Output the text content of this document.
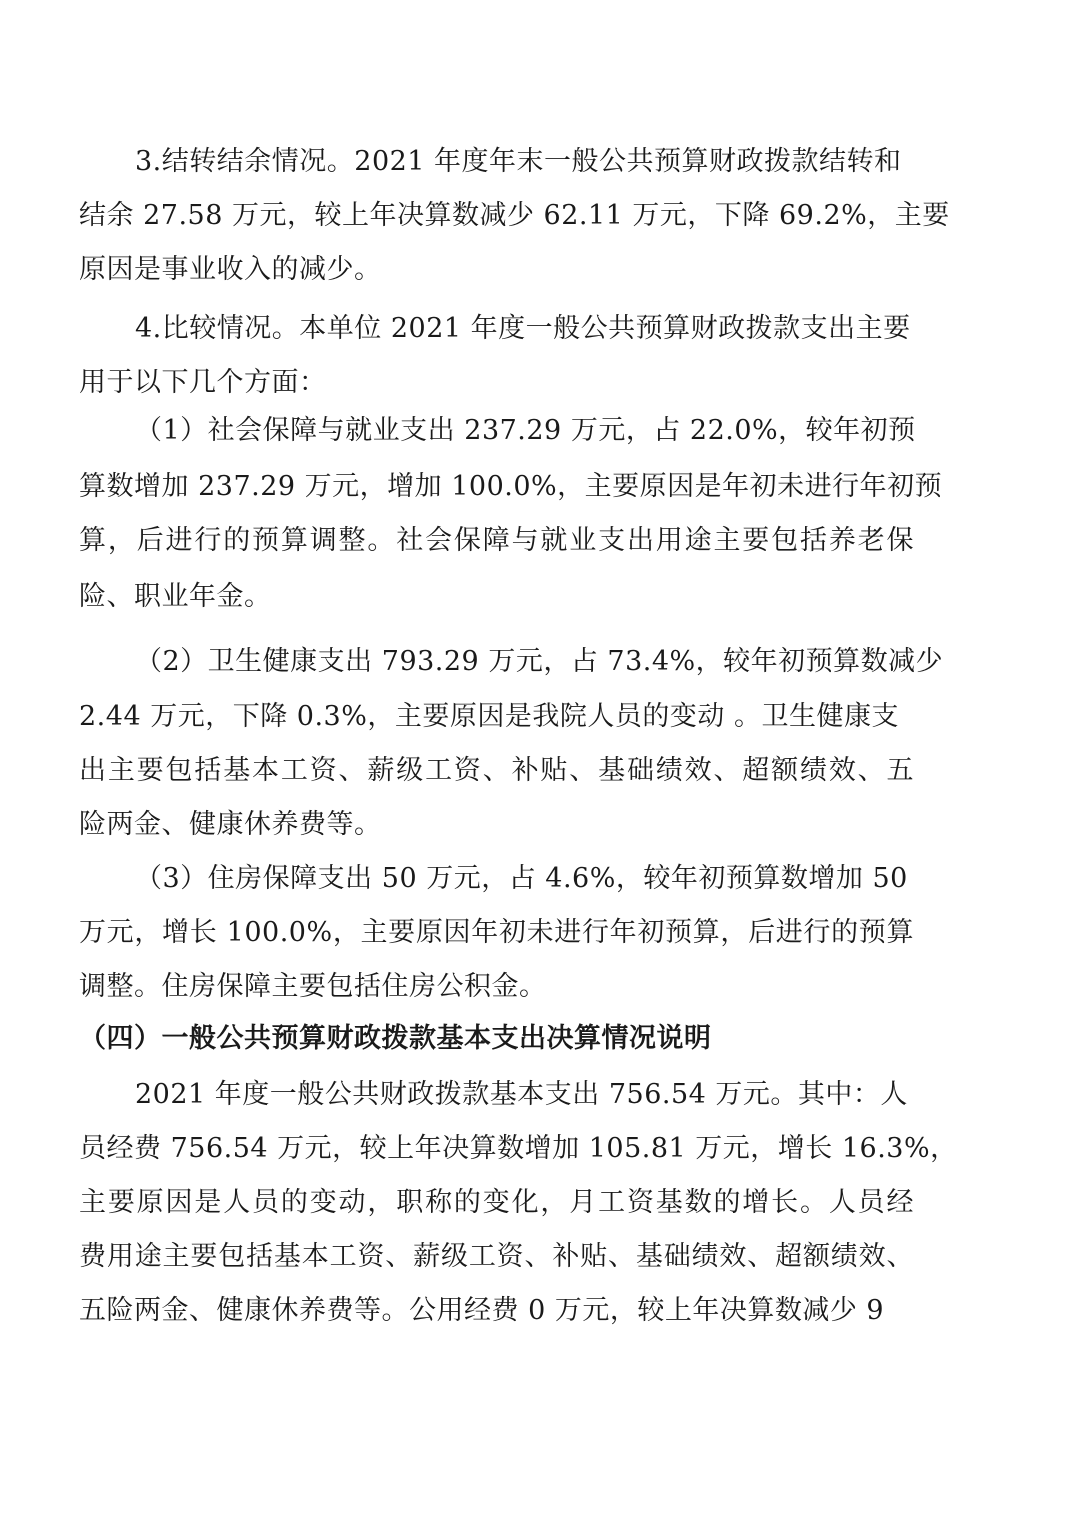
3.结转结余情况。2021 年度年末一般公共预算财政拨款结转和
结余 27.58 万元，较上年决算数减少 62.11 万元，下降 69.2%，主要
原因是事业收入的减少。
4.比较情况。本单位 2021 年度一般公共预算财政拨款支出主要
用于以下几个方面：
（1）社会保障与就业支出 237.29 万元，占 22.0%，较年初预
算数增加 237.29 万元，增加 100.0%，主要原因是年初未进行年初预
算，后进行的预算调整。社会保障与就业支出用途主要包括养老保
险、职业年金。
（2）卫生健康支出 793.29 万元，占 73.4%，较年初预算数减少
2.44 万元，下降 0.3%，主要原因是我院人员的变动 。卫生健康支
出主要包括基本工资、薪级工资、补贴、基础绩效、超额绩效、五
险两金、健康休养费等。
（3）住房保障支出 50 万元，占 4.6%，较年初预算数增加 50
万元，增长 100.0%，主要原因年初未进行年初预算，后进行的预算
调整。住房保障主要包括住房公积金。
（四）一般公共预算财政拨款基本支出决算情况说明
2021 年度一般公共财政拨款基本支出 756.54 万元。其中：人
员经费 756.54 万元，较上年决算数增加 105.81 万元，增长 16.3%，
主要原因是人员的变动，职称的变化，月工资基数的增长。人员经
费用途主要包括基本工资、薪级工资、补贴、基础绩效、超额绩效、
五险两金、健康休养费等。公用经费 0 万元，较上年决算数减少 9
